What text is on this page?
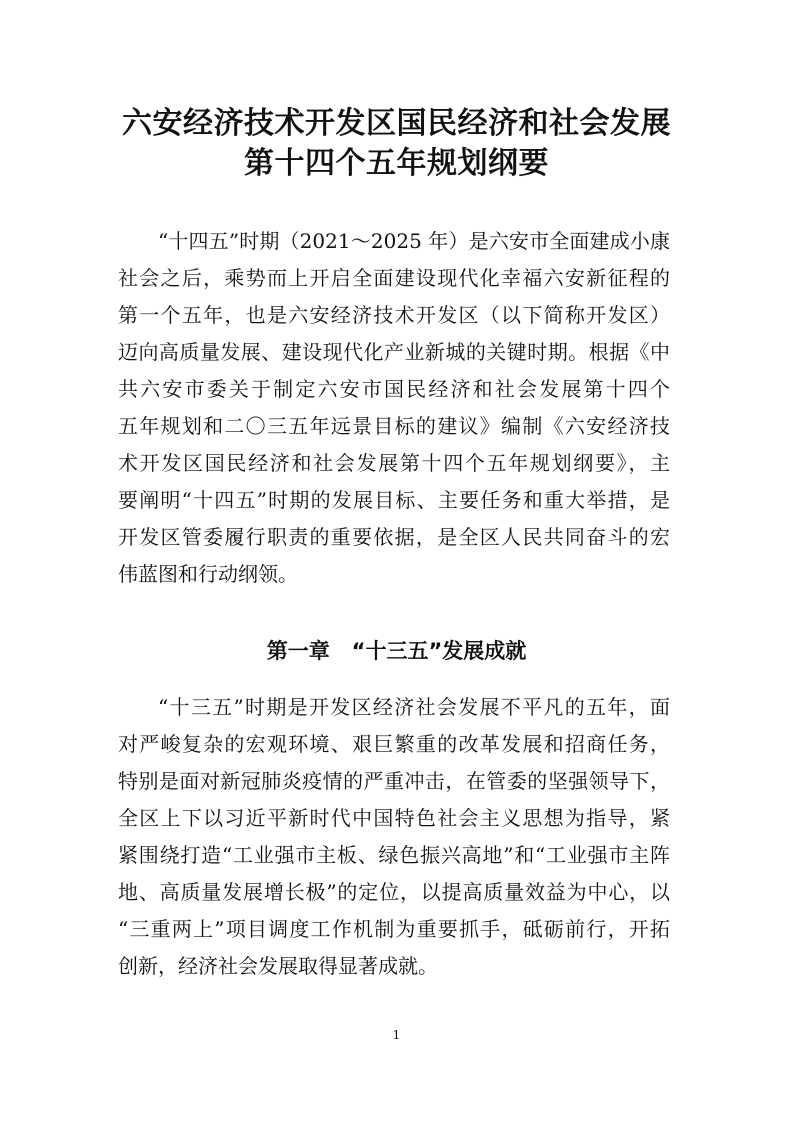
六安经济技术开发区国民经济和社会发展
第十四个五年规划纲要
“十四五”时期（2021～2025 年）是六安市全面建成小康
社会之后，乘势而上开启全面建设现代化幸福六安新征程的
第一个五年，也是六安经济技术开发区（以下简称开发区）
迈向高质量发展、建设现代化产业新城的关键时期。根据《中
共六安市委关于制定六安市国民经济和社会发展第十四个
五年规划和二〇三五年远景目标的建议》编制《六安经济技
术开发区国民经济和社会发展第十四个五年规划纲要》，主
要阐明“十四五”时期的发展目标、主要任务和重大举措，是
开发区管委履行职责的重要依据，是全区人民共同奋斗的宏
伟蓝图和行动纲领。
第一章 “十三五”发展成就
“十三五”时期是开发区经济社会发展不平凡的五年，面
对严峻复杂的宏观环境、艰巨繁重的改革发展和招商任务，
特别是面对新冠肺炎疫情的严重冲击，在管委的坚强领导下，
全区上下以习近平新时代中国特色社会主义思想为指导，紧
紧围绕打造“工业强市主板、绿色振兴高地”和“工业强市主阵
地、高质量发展增长极”的定位，以提高质量效益为中心，以
“三重两上”项目调度工作机制为重要抓手，砥砺前行，开拓
创新，经济社会发展取得显著成就。
1
